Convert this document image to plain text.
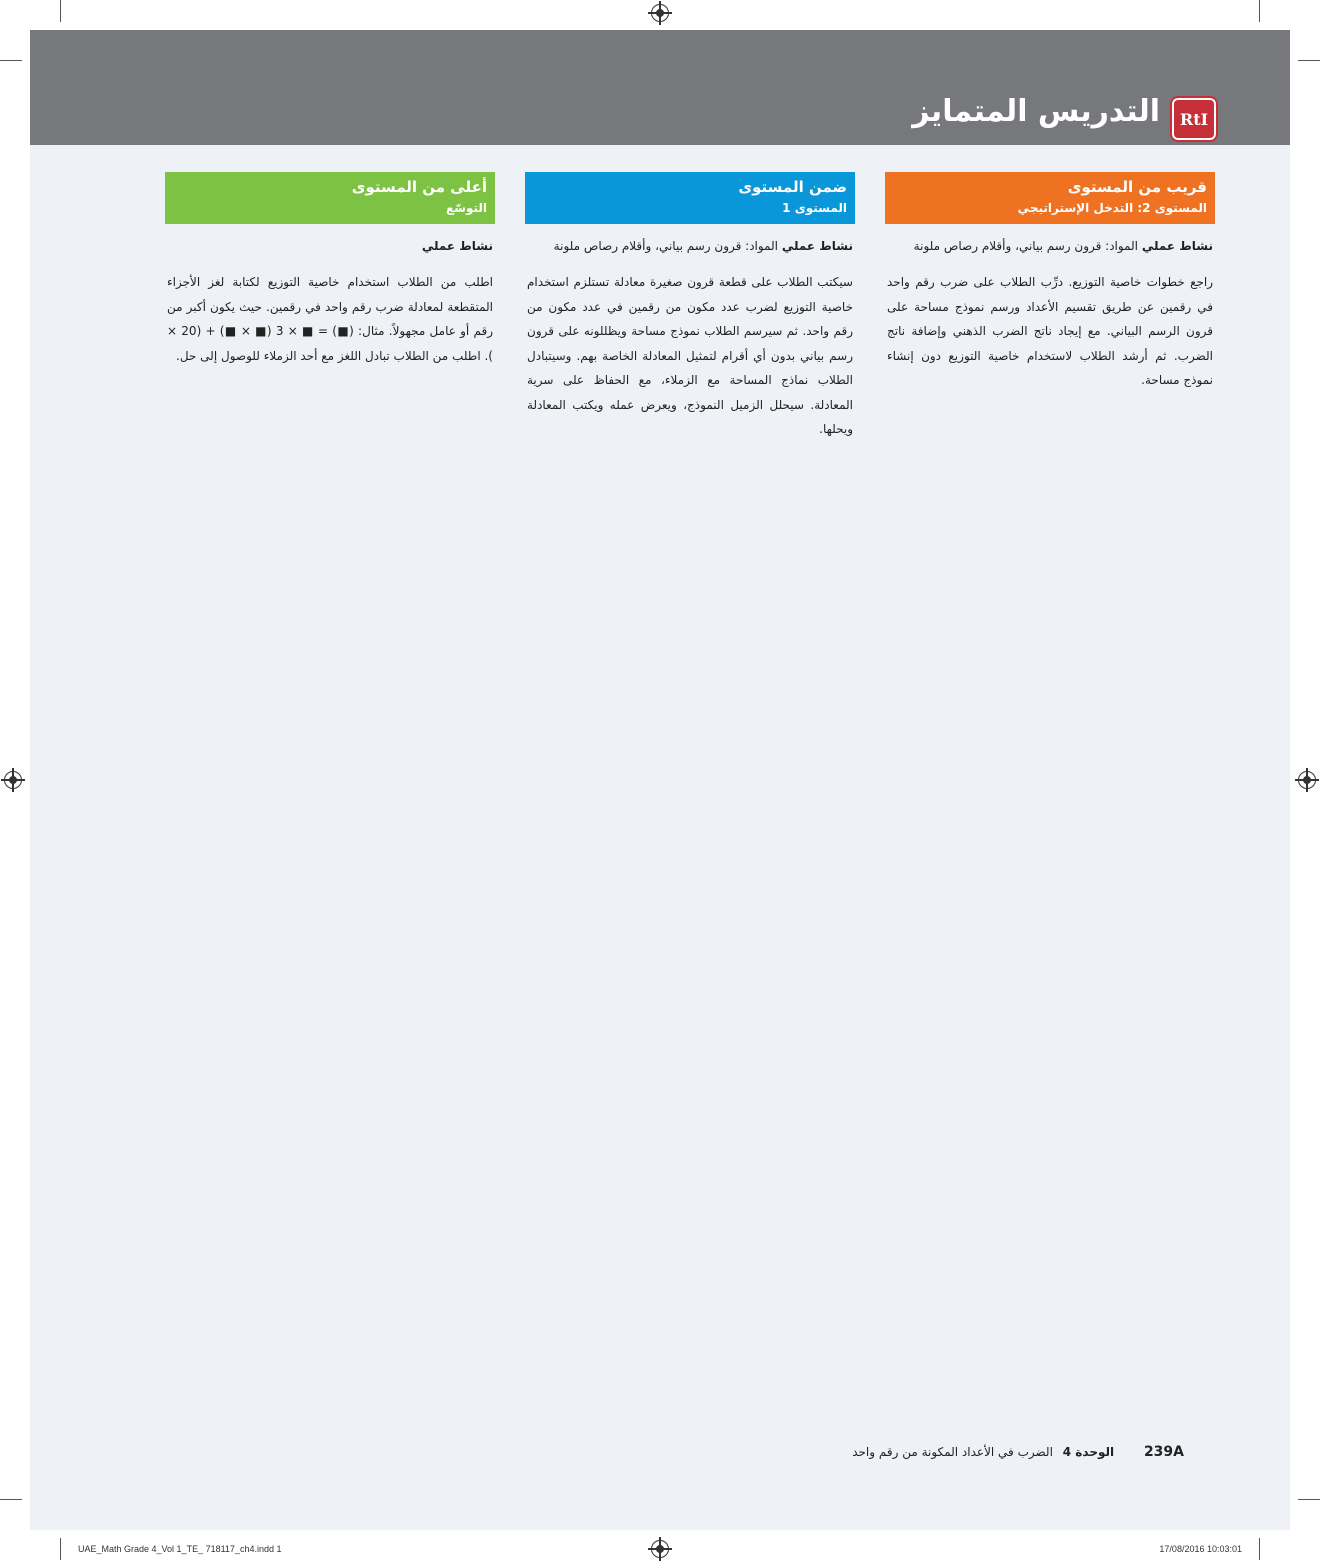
التدريس المتمايز	RtI
قريب من المستوى
المستوى 2: التدخل الإستراتيجي
نشاط عملي المواد: قرون رسم بياني، وأقلام رصاص ملونة
راجع خطوات خاصية التوزيع. درِّب الطلاب على ضرب رقم واحد في رقمين عن طريق تقسيم الأعداد ورسم نموذج مساحة على قرون الرسم البياني. مع إيجاد ناتج الضرب الذهني وإضافة ناتج الضرب. ثم أرشد الطلاب لاستخدام خاصية التوزيع دون إنشاء نموذج مساحة.
ضمن المستوى
المستوى 1
نشاط عملي المواد: قرون رسم بياني، وأقلام رصاص ملونة
سيكتب الطلاب على قطعة قرون صغيرة معادلة تستلزم استخدام خاصية التوزيع لضرب عدد مكون من رقمين في عدد مكون من رقم واحد. ثم سيرسم الطلاب نموذج مساحة ويظللونه على قرون رسم بياني بدون أي أقرام لتمثيل المعادلة الخاصة بهم. وسيتبادل الطلاب نماذج المساحة مع الزملاء، مع الحفاظ على سرية المعادلة. سيحلل الزميل النموذج، ويعرض عمله ويكتب المعادلة ويحلها.
أعلى من المستوى
التوسّع
نشاط عملي
اطلب من الطلاب استخدام خاصية التوزيع لكتابة لغز الأجزاء المتقطعة لمعادلة ضرب رقم واحد في رقمين. حيث يكون أكبر من رقم أو عامل مجهولاً. مثال: (■) = ■ × 3 (■ × ■) + (20 × ). اطلب من الطلاب تبادل اللغز مع أحد الزملاء للوصول إلى حل.
239A الوحدة 4 الضرب في الأعداد المكونة من رقم واحد
UAE_Math Grade 4_Vol 1_TE_ 718117_ch4.indd 1	17/08/2016 10:03:01
